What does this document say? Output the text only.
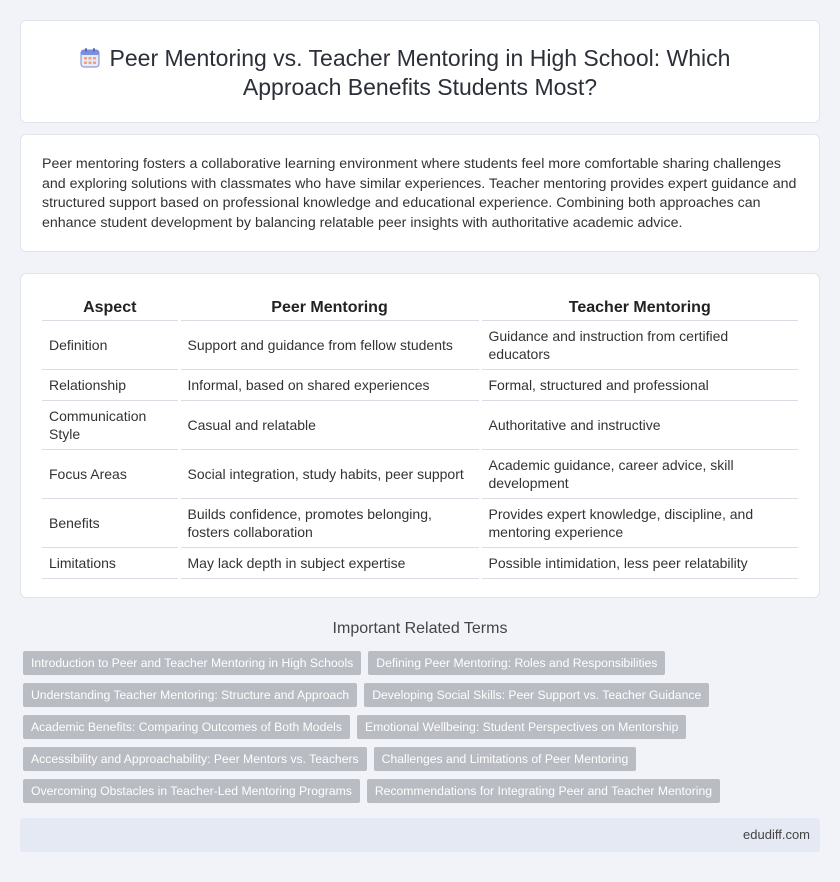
Peer Mentoring vs. Teacher Mentoring in High School: Which
Approach Benefits Students Most?

Peer mentoring fosters a collaborative learning environment where students feel more comfortable sharing challenges and exploring solutions with classmates who have similar experiences. Teacher mentoring provides expert guidance and structured support based on professional knowledge and educational experience. Combining both approaches can enhance student development by balancing relatable peer insights with authoritative academic advice.

Aspect	Peer Mentoring	Teacher Mentoring
Definition	Support and guidance from fellow students	Guidance and instruction from certified educators
Relationship	Informal, based on shared experiences	Formal, structured and professional
Communication Style	Casual and relatable	Authoritative and instructive
Focus Areas	Social integration, study habits, peer support	Academic guidance, career advice, skill development
Benefits	Builds confidence, promotes belonging, fosters collaboration	Provides expert knowledge, discipline, and mentoring experience
Limitations	May lack depth in subject expertise	Possible intimidation, less peer relatability
Important Related Terms
Introduction to Peer and Teacher Mentoring in High Schools	Defining Peer Mentoring: Roles and Responsibilities
Understanding Teacher Mentoring: Structure and Approach	Developing Social Skills: Peer Support vs. Teacher Guidance
Academic Benefits: Comparing Outcomes of Both Models	Emotional Wellbeing: Student Perspectives on Mentorship
Accessibility and Approachability: Peer Mentors vs. Teachers	Challenges and Limitations of Peer Mentoring
Overcoming Obstacles in Teacher-Led Mentoring Programs	Recommendations for Integrating Peer and Teacher Mentoring
edudiff.com
